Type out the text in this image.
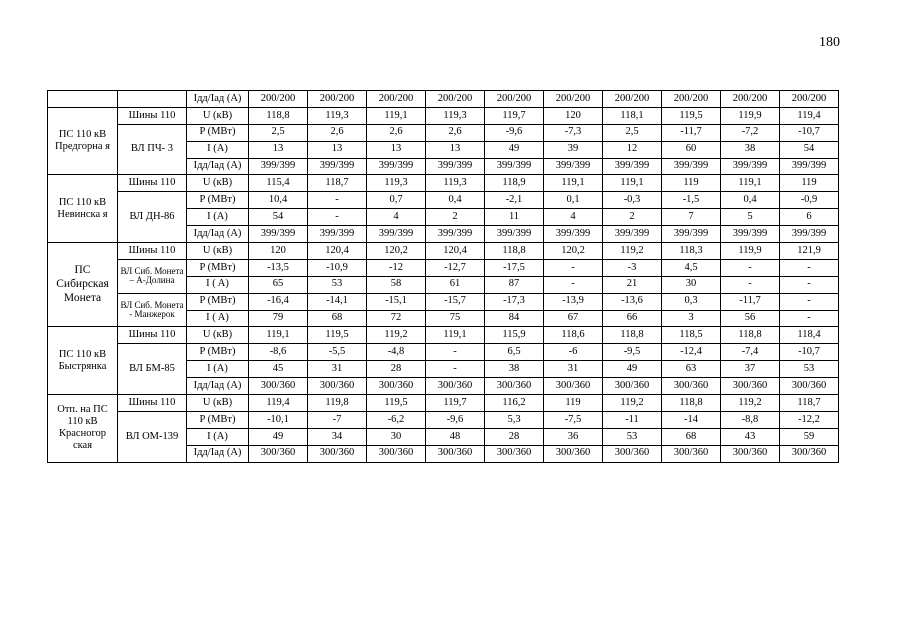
180
		Iдд/Iад (А)	200/200	200/200	200/200	200/200	200/200	200/200	200/200	200/200	200/200	200/200
ПС 110 кВ Предгорна я	Шины 110	U (кВ)	118,8	119,3	119,1	119,3	119,7	120	118,1	119,5	119,9	119,4
	ВЛ ПЧ- 3	P (МВт)	2,5	2,6	2,6	2,6	-9,6	-7,3	2,5	-11,7	-7,2	-10,7
		I (A)	13	13	13	13	49	39	12	60	38	54
		Iдд/Iад (А)	399/399	399/399	399/399	399/399	399/399	399/399	399/399	399/399	399/399	399/399
ПС 110 кВ Невинска я	Шины 110	U (кВ)	115,4	118,7	119,3	119,3	118,9	119,1	119,1	119	119,1	119
	ВЛ ДН-86	P (МВт)	10,4	-	0,7	0,4	-2,1	0,1	-0,3	-1,5	0,4	-0,9
		I (A)	54	-	4	2	11	4	2	7	5	6
		Iдд/Iад (А)	399/399	399/399	399/399	399/399	399/399	399/399	399/399	399/399	399/399	399/399
ПС Сибирская Монета	Шины 110	U (кВ)	120	120,4	120,2	120,4	118,8	120,2	119,2	118,3	119,9	121,9
	ВЛ Сиб. Монета – А-Долина	P (МВт)	-13,5	-10,9	-12	-12,7	-17,5	-	-3	4,5	-	-
		I ( A)	65	53	58	61	87	-	21	30	-	-
	ВЛ Сиб. Монета - Манжерок	P (МВт)	-16,4	-14,1	-15,1	-15,7	-17,3	-13,9	-13,6	0,3	-11,7	-
		I ( A)	79	68	72	75	84	67	66	3	56	-
ПС 110 кВ Быстрянка	Шины 110	U (кВ)	119,1	119,5	119,2	119,1	115,9	118,6	118,8	118,5	118,8	118,4
	ВЛ БМ-85	P (МВт)	-8,6	-5,5	-4,8	-	6,5	-6	-9,5	-12,4	-7,4	-10,7
		I (A)	45	31	28	-	38	31	49	63	37	53
		Iдд/Iад (А)	300/360	300/360	300/360	300/360	300/360	300/360	300/360	300/360	300/360	300/360
Отп. на ПС 110 кВ Красногор ская	Шины 110	U (кВ)	119,4	119,8	119,5	119,7	116,2	119	119,2	118,8	119,2	118,7
	ВЛ ОМ-139	P (МВт)	-10,1	-7	-6,2	-9,6	5,3	-7,5	-11	-14	-8,8	-12,2
		I (A)	49	34	30	48	28	36	53	68	43	59
		Iдд/Iад (А)	300/360	300/360	300/360	300/360	300/360	300/360	300/360	300/360	300/360	300/360
